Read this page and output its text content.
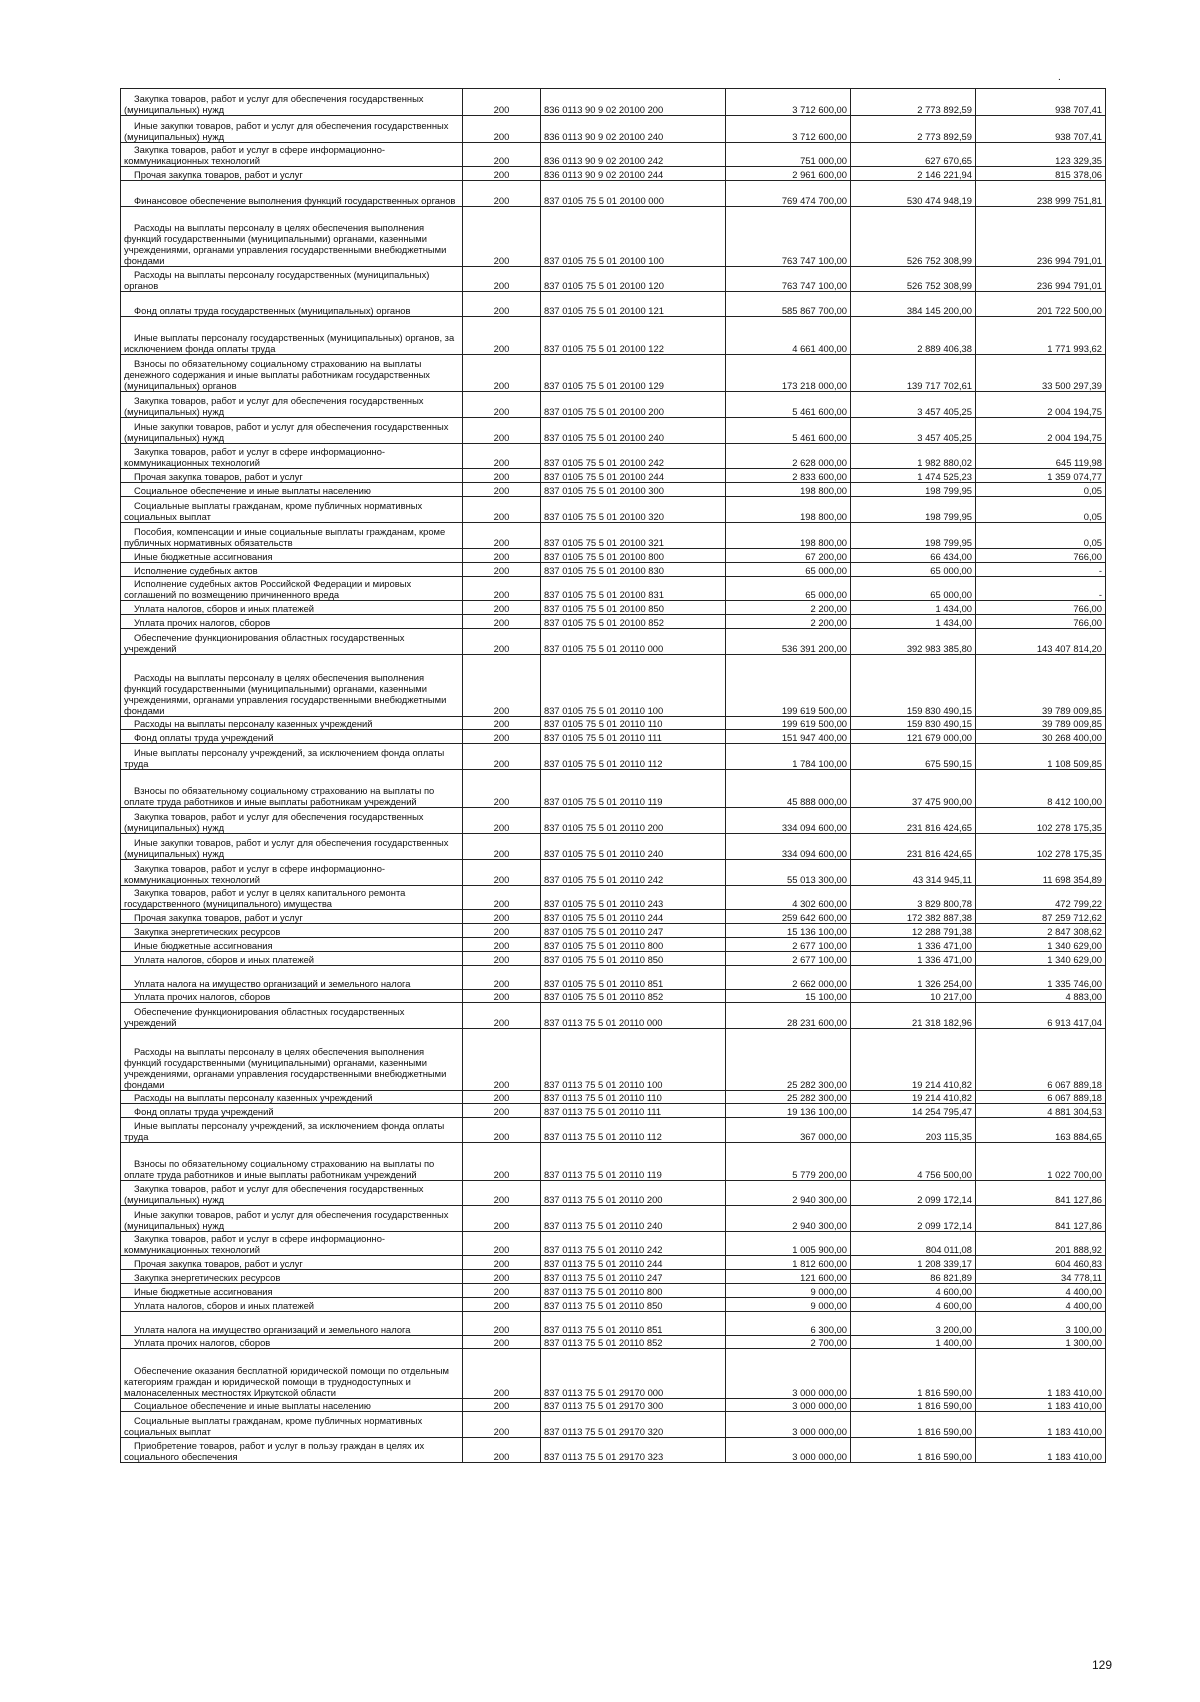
.
Закупка товаров, работ и услуг для обеспечения государственных (муниципальных) нужд	200	836 0113 90 9 02 20100 200	3 712 600,00	2 773 892,59	938 707,41
Иные закупки товаров, работ и услуг для обеспечения государственных (муниципальных) нужд	200	836 0113 90 9 02 20100 240	3 712 600,00	2 773 892,59	938 707,41
Закупка товаров, работ и услуг в сфере информационно-коммуникационных технологий	200	836 0113 90 9 02 20100 242	751 000,00	627 670,65	123 329,35
Прочая закупка товаров, работ и услуг	200	836 0113 90 9 02 20100 244	2 961 600,00	2 146 221,94	815 378,06
Финансовое обеспечение выполнения функций государственных органов	200	837 0105 75 5 01 20100 000	769 474 700,00	530 474 948,19	238 999 751,81
Расходы на выплаты персоналу в целях обеспечения выполнения функций государственными (муниципальными) органами, казенными учреждениями, органами управления государственными внебюджетными фондами	200	837 0105 75 5 01 20100 100	763 747 100,00	526 752 308,99	236 994 791,01
Расходы на выплаты персоналу государственных (муниципальных) органов	200	837 0105 75 5 01 20100 120	763 747 100,00	526 752 308,99	236 994 791,01
Фонд оплаты труда государственных (муниципальных) органов	200	837 0105 75 5 01 20100 121	585 867 700,00	384 145 200,00	201 722 500,00
Иные выплаты персоналу государственных (муниципальных) органов, за исключением фонда оплаты труда	200	837 0105 75 5 01 20100 122	4 661 400,00	2 889 406,38	1 771 993,62
Взносы по обязательному социальному страхованию на выплаты денежного содержания и иные выплаты работникам государственных (муниципальных) органов	200	837 0105 75 5 01 20100 129	173 218 000,00	139 717 702,61	33 500 297,39
Закупка товаров, работ и услуг для обеспечения государственных (муниципальных) нужд	200	837 0105 75 5 01 20100 200	5 461 600,00	3 457 405,25	2 004 194,75
Иные закупки товаров, работ и услуг для обеспечения государственных (муниципальных) нужд	200	837 0105 75 5 01 20100 240	5 461 600,00	3 457 405,25	2 004 194,75
Закупка товаров, работ и услуг в сфере информационно-коммуникационных технологий	200	837 0105 75 5 01 20100 242	2 628 000,00	1 982 880,02	645 119,98
Прочая закупка товаров, работ и услуг	200	837 0105 75 5 01 20100 244	2 833 600,00	1 474 525,23	1 359 074,77
Социальное обеспечение и иные выплаты населению	200	837 0105 75 5 01 20100 300	198 800,00	198 799,95	0,05
Социальные выплаты гражданам, кроме публичных нормативных социальных выплат	200	837 0105 75 5 01 20100 320	198 800,00	198 799,95	0,05
Пособия, компенсации и иные социальные выплаты гражданам, кроме публичных нормативных обязательств	200	837 0105 75 5 01 20100 321	198 800,00	198 799,95	0,05
Иные бюджетные ассигнования	200	837 0105 75 5 01 20100 800	67 200,00	66 434,00	766,00
Исполнение судебных актов	200	837 0105 75 5 01 20100 830	65 000,00	65 000,00	-
Исполнение судебных актов Российской Федерации и мировых соглашений по возмещению причиненного вреда	200	837 0105 75 5 01 20100 831	65 000,00	65 000,00	-
Уплата налогов, сборов и иных платежей	200	837 0105 75 5 01 20100 850	2 200,00	1 434,00	766,00
Уплата прочих налогов, сборов	200	837 0105 75 5 01 20100 852	2 200,00	1 434,00	766,00
Обеспечение функционирования областных государственных учреждений	200	837 0105 75 5 01 20110 000	536 391 200,00	392 983 385,80	143 407 814,20
Расходы на выплаты персоналу в целях обеспечения выполнения функций государственными (муниципальными) органами, казенными учреждениями, органами управления государственными внебюджетными фондами	200	837 0105 75 5 01 20110 100	199 619 500,00	159 830 490,15	39 789 009,85
Расходы на выплаты персоналу казенных учреждений	200	837 0105 75 5 01 20110 110	199 619 500,00	159 830 490,15	39 789 009,85
Фонд оплаты труда учреждений	200	837 0105 75 5 01 20110 111	151 947 400,00	121 679 000,00	30 268 400,00
Иные выплаты персоналу учреждений, за исключением фонда оплаты труда	200	837 0105 75 5 01 20110 112	1 784 100,00	675 590,15	1 108 509,85
Взносы по обязательному социальному страхованию на выплаты по оплате труда работников и иные выплаты работникам учреждений	200	837 0105 75 5 01 20110 119	45 888 000,00	37 475 900,00	8 412 100,00
Закупка товаров, работ и услуг для обеспечения государственных (муниципальных) нужд	200	837 0105 75 5 01 20110 200	334 094 600,00	231 816 424,65	102 278 175,35
Иные закупки товаров, работ и услуг для обеспечения государственных (муниципальных) нужд	200	837 0105 75 5 01 20110 240	334 094 600,00	231 816 424,65	102 278 175,35
Закупка товаров, работ и услуг в сфере информационно-коммуникационных технологий	200	837 0105 75 5 01 20110 242	55 013 300,00	43 314 945,11	11 698 354,89
Закупка товаров, работ и услуг в целях капитального ремонта государственного (муниципального) имущества	200	837 0105 75 5 01 20110 243	4 302 600,00	3 829 800,78	472 799,22
Прочая закупка товаров, работ и услуг	200	837 0105 75 5 01 20110 244	259 642 600,00	172 382 887,38	87 259 712,62
Закупка энергетических ресурсов	200	837 0105 75 5 01 20110 247	15 136 100,00	12 288 791,38	2 847 308,62
Иные бюджетные ассигнования	200	837 0105 75 5 01 20110 800	2 677 100,00	1 336 471,00	1 340 629,00
Уплата налогов, сборов и иных платежей	200	837 0105 75 5 01 20110 850	2 677 100,00	1 336 471,00	1 340 629,00
Уплата налога на имущество организаций и земельного налога	200	837 0105 75 5 01 20110 851	2 662 000,00	1 326 254,00	1 335 746,00
Уплата прочих налогов, сборов	200	837 0105 75 5 01 20110 852	15 100,00	10 217,00	4 883,00
Обеспечение функционирования областных государственных учреждений	200	837 0113 75 5 01 20110 000	28 231 600,00	21 318 182,96	6 913 417,04
Расходы на выплаты персоналу в целях обеспечения выполнения функций государственными (муниципальными) органами, казенными учреждениями, органами управления государственными внебюджетными фондами	200	837 0113 75 5 01 20110 100	25 282 300,00	19 214 410,82	6 067 889,18
Расходы на выплаты персоналу казенных учреждений	200	837 0113 75 5 01 20110 110	25 282 300,00	19 214 410,82	6 067 889,18
Фонд оплаты труда учреждений	200	837 0113 75 5 01 20110 111	19 136 100,00	14 254 795,47	4 881 304,53
Иные выплаты персоналу учреждений, за исключением фонда оплаты труда	200	837 0113 75 5 01 20110 112	367 000,00	203 115,35	163 884,65
Взносы по обязательному социальному страхованию на выплаты по оплате труда работников и иные выплаты работникам учреждений	200	837 0113 75 5 01 20110 119	5 779 200,00	4 756 500,00	1 022 700,00
Закупка товаров, работ и услуг для обеспечения государственных (муниципальных) нужд	200	837 0113 75 5 01 20110 200	2 940 300,00	2 099 172,14	841 127,86
Иные закупки товаров, работ и услуг для обеспечения государственных (муниципальных) нужд	200	837 0113 75 5 01 20110 240	2 940 300,00	2 099 172,14	841 127,86
Закупка товаров, работ и услуг в сфере информационно-коммуникационных технологий	200	837 0113 75 5 01 20110 242	1 005 900,00	804 011,08	201 888,92
Прочая закупка товаров, работ и услуг	200	837 0113 75 5 01 20110 244	1 812 600,00	1 208 339,17	604 460,83
Закупка энергетических ресурсов	200	837 0113 75 5 01 20110 247	121 600,00	86 821,89	34 778,11
Иные бюджетные ассигнования	200	837 0113 75 5 01 20110 800	9 000,00	4 600,00	4 400,00
Уплата налогов, сборов и иных платежей	200	837 0113 75 5 01 20110 850	9 000,00	4 600,00	4 400,00
Уплата налога на имущество организаций и земельного налога	200	837 0113 75 5 01 20110 851	6 300,00	3 200,00	3 100,00
Уплата прочих налогов, сборов	200	837 0113 75 5 01 20110 852	2 700,00	1 400,00	1 300,00
Обеспечение оказания бесплатной юридической помощи по отдельным категориям граждан и юридической помощи в труднодоступных и малонаселенных местностях Иркутской области	200	837 0113 75 5 01 29170 000	3 000 000,00	1 816 590,00	1 183 410,00
Социальное обеспечение и иные выплаты населению	200	837 0113 75 5 01 29170 300	3 000 000,00	1 816 590,00	1 183 410,00
Социальные выплаты гражданам, кроме публичных нормативных социальных выплат	200	837 0113 75 5 01 29170 320	3 000 000,00	1 816 590,00	1 183 410,00
Приобретение товаров, работ и услуг в пользу граждан в целях их социального обеспечения	200	837 0113 75 5 01 29170 323	3 000 000,00	1 816 590,00	1 183 410,00
129
